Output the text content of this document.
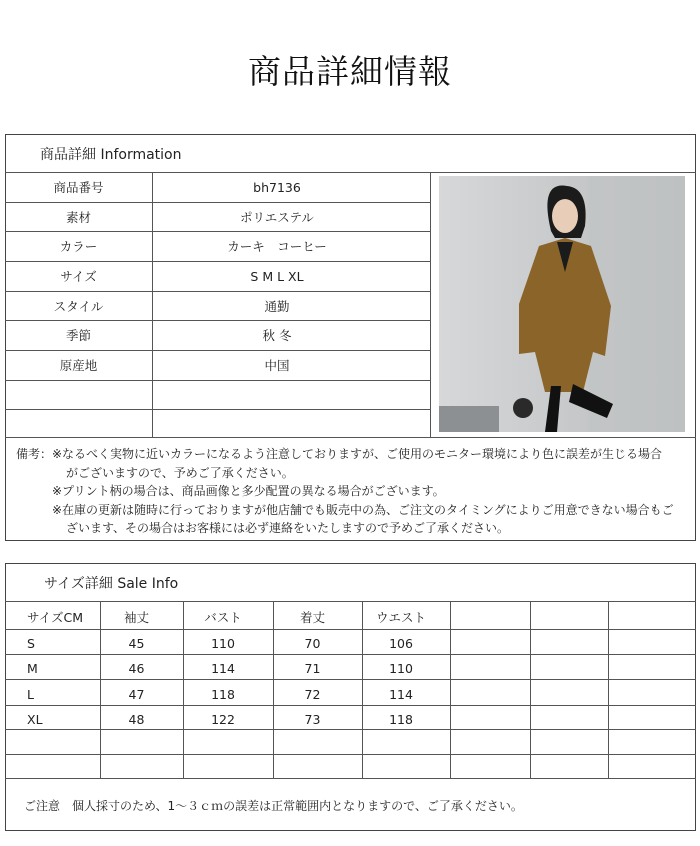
商品詳細情報
商品詳細 Information
備考：※なるべく実物に近いカラーになるよう注意しておりますが、ご使用のモニター環境により色に誤差が生じる場合
がございますので、予めご了承ください。
※プリント柄の場合は、商品画像と多少配置の異なる場合がございます。
※在庫の更新は随時に行っておりますが他店舗でも販売中の為、ご注文のタイミングによりご用意できない場合もご
ざいます、その場合はお客様には必ず連絡をいたしますので予めご了承ください。
サイズ詳細 Sale Info
ご注意　個人採寸のため、1～３ｃｍの誤差は正常範囲内となりますので、ご了承ください。
商品番号	bh7136
素材	ポリエステル
カラー	カーキ　コーヒー
サイズ	S M L XL
スタイル	通勤
季節	秋 冬
原産地	中国
サイズCM	袖丈	バスト	着丈	ウエスト
S	45	110	70	106
M	46	114	71	110
L	47	118	72	114
XL	48	122	73	118
